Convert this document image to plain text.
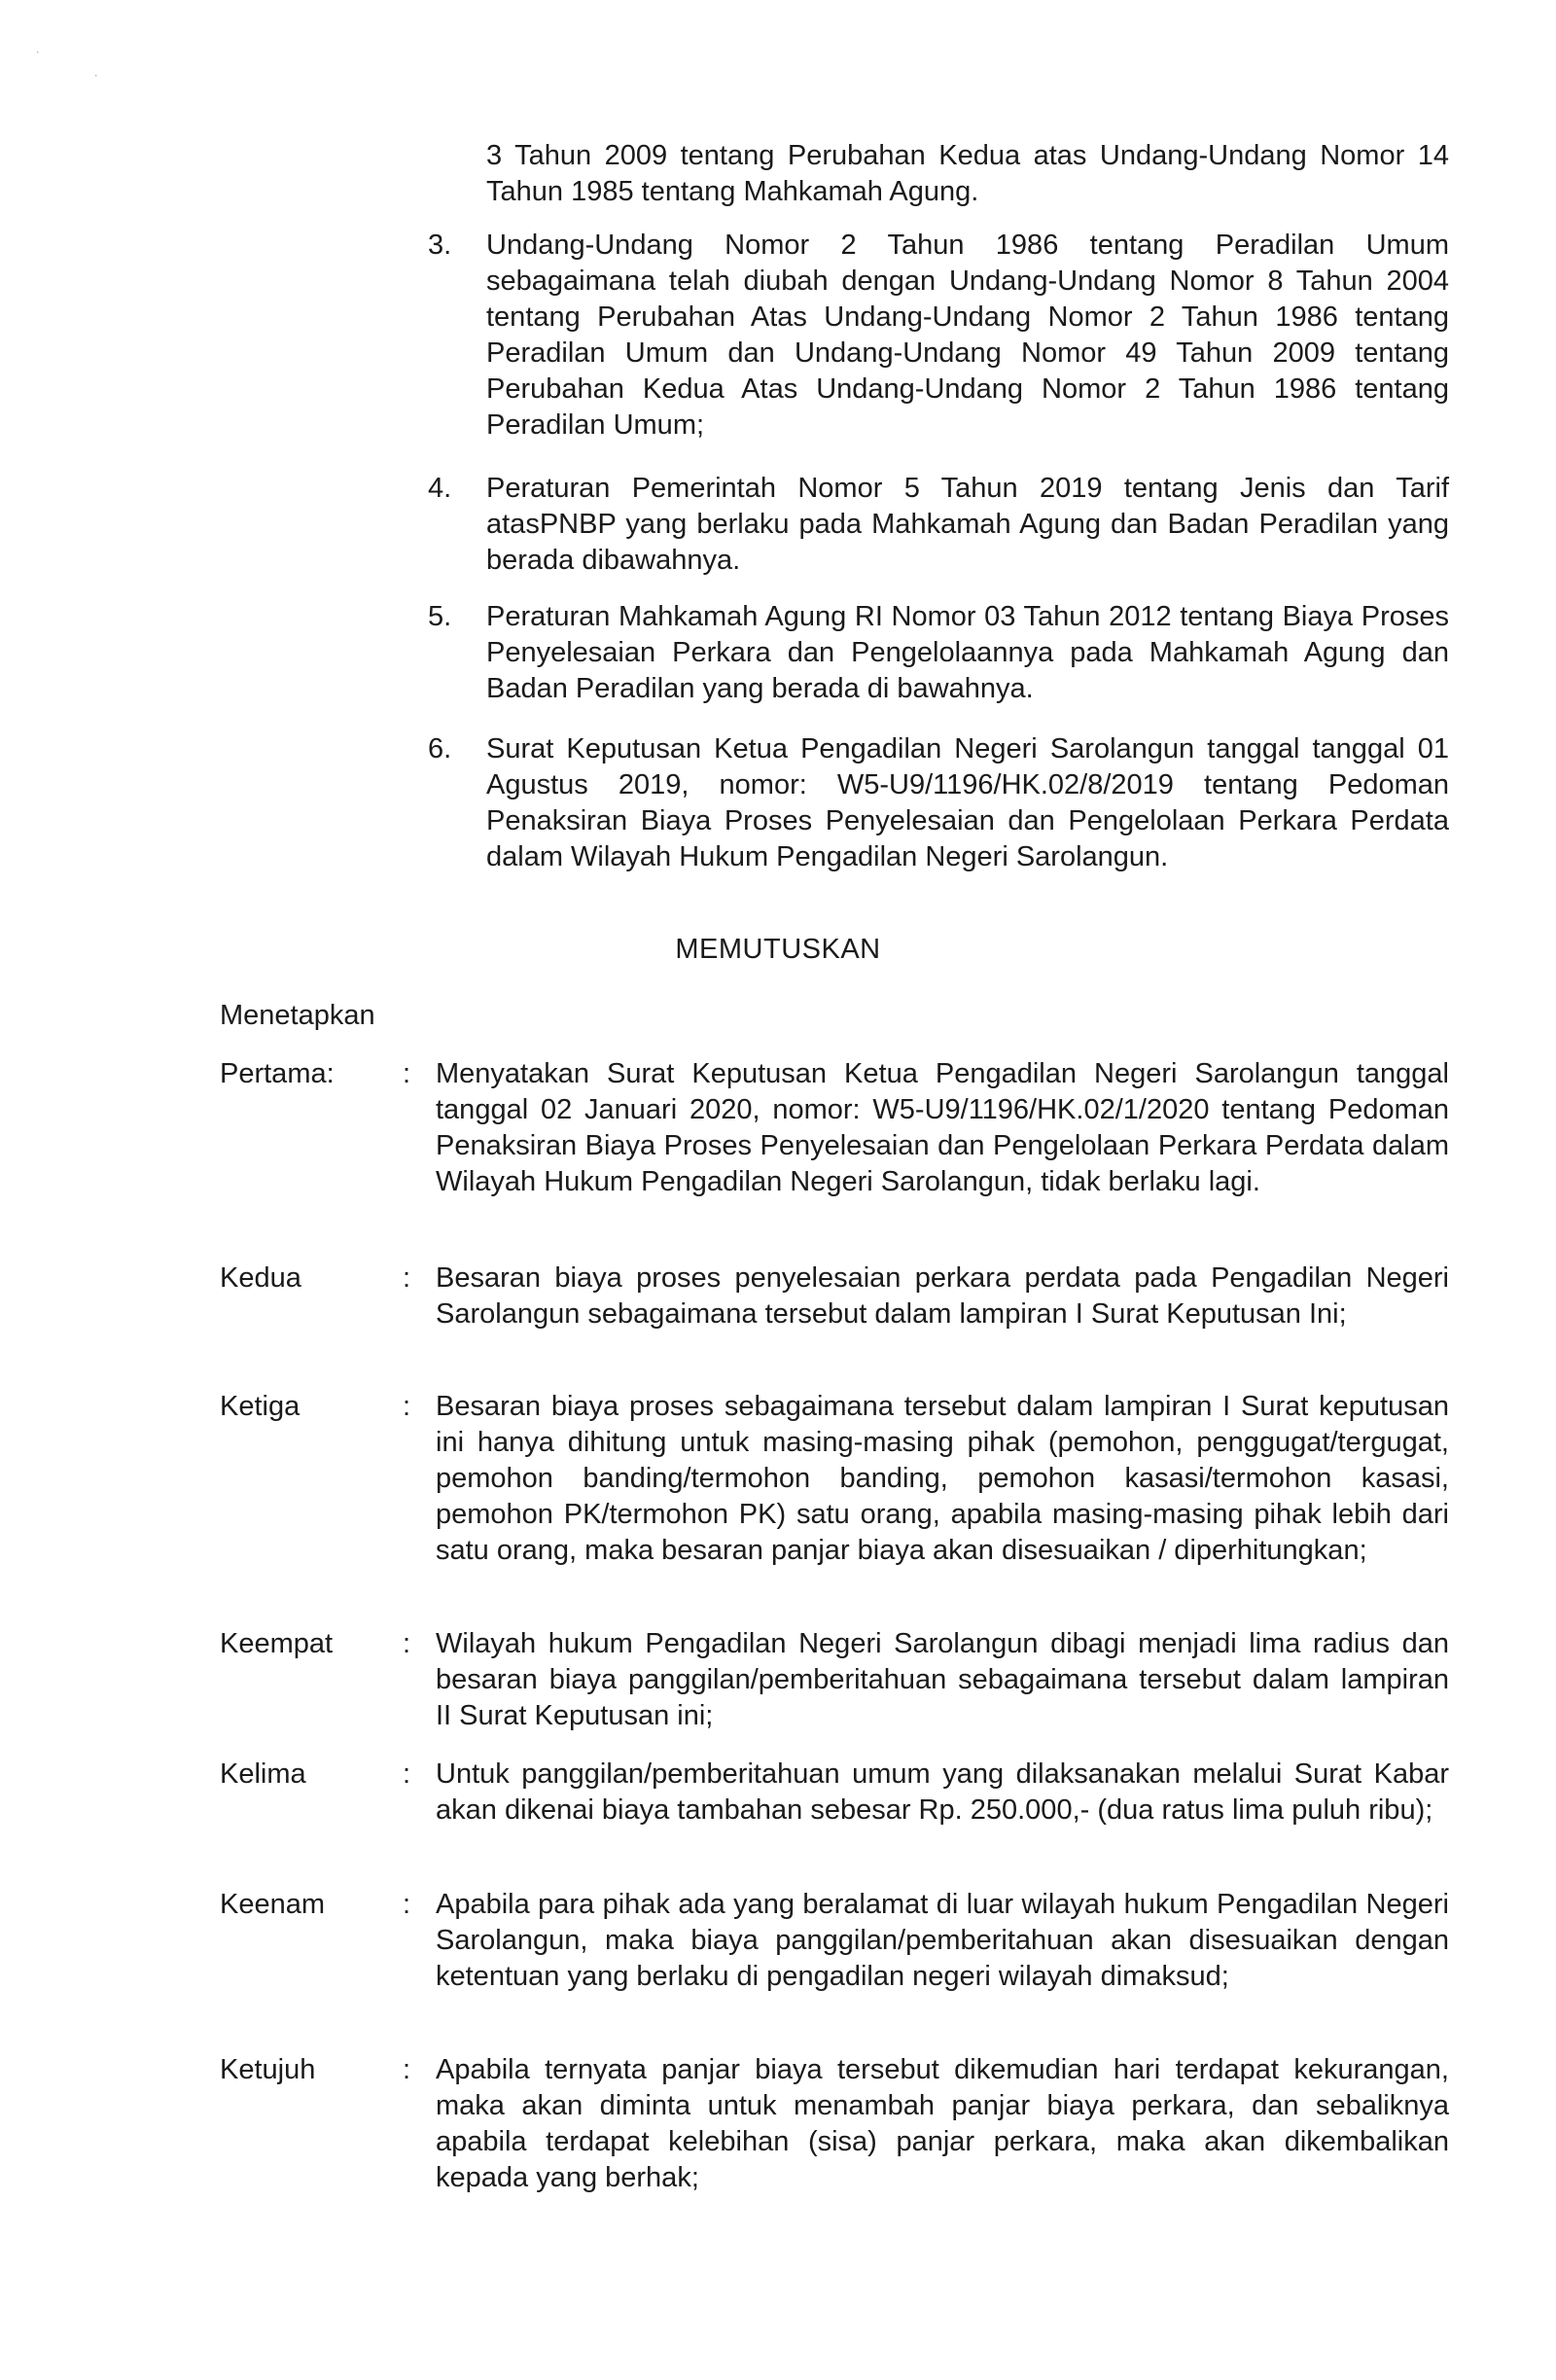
·
·
3 Tahun 2009 tentang Perubahan Kedua atas Undang-Undang Nomor 14 Tahun 1985 tentang Mahkamah Agung.
3.	Undang-Undang Nomor 2 Tahun 1986 tentang Peradilan Umum sebagaimana telah diubah dengan Undang-Undang Nomor 8 Tahun 2004 tentang Perubahan Atas Undang-Undang Nomor 2 Tahun 1986 tentang Peradilan Umum dan Undang-Undang Nomor 49 Tahun 2009 tentang Perubahan Kedua Atas Undang-Undang Nomor 2 Tahun 1986 tentang Peradilan Umum;
4.	Peraturan Pemerintah Nomor 5 Tahun 2019 tentang Jenis dan Tarif atasPNBP yang berlaku pada Mahkamah Agung dan Badan Peradilan yang berada dibawahnya.
5.	Peraturan Mahkamah Agung RI Nomor 03 Tahun 2012 tentang Biaya Proses Penyelesaian Perkara dan Pengelolaannya pada Mahkamah Agung dan Badan Peradilan yang berada di bawahnya.
6.	Surat Keputusan Ketua Pengadilan Negeri Sarolangun tanggal tanggal 01 Agustus 2019, nomor: W5-U9/1196/HK.02/8/2019 tentang Pedoman Penaksiran Biaya Proses Penyelesaian dan Pengelolaan Perkara Perdata dalam Wilayah Hukum Pengadilan Negeri Sarolangun.
MEMUTUSKAN
Menetapkan
Pertama:	: Menyatakan Surat Keputusan Ketua Pengadilan Negeri Sarolangun tanggal tanggal 02 Januari 2020, nomor: W5-U9/1196/HK.02/1/2020 tentang Pedoman Penaksiran Biaya Proses Penyelesaian dan Pengelolaan Perkara Perdata dalam Wilayah Hukum Pengadilan Negeri Sarolangun, tidak berlaku lagi.
Kedua	: Besaran biaya proses penyelesaian perkara perdata pada Pengadilan Negeri Sarolangun sebagaimana tersebut dalam lampiran I Surat Keputusan Ini;
Ketiga	: Besaran biaya proses sebagaimana tersebut dalam lampiran I Surat keputusan ini hanya dihitung untuk masing-masing pihak (pemohon, penggugat/tergugat, pemohon banding/termohon banding, pemohon kasasi/termohon kasasi, pemohon PK/termohon PK) satu orang, apabila masing-masing pihak lebih dari satu orang, maka besaran panjar biaya akan disesuaikan / diperhitungkan;
Keempat	: Wilayah hukum Pengadilan Negeri Sarolangun dibagi menjadi lima radius dan besaran biaya panggilan/pemberitahuan sebagaimana tersebut dalam lampiran II Surat Keputusan ini;
Kelima	: Untuk panggilan/pemberitahuan umum yang dilaksanakan melalui Surat Kabar akan dikenai biaya tambahan sebesar Rp. 250.000,- (dua ratus lima puluh ribu);
Keenam	: Apabila para pihak ada yang beralamat di luar wilayah hukum Pengadilan Negeri Sarolangun, maka biaya panggilan/pemberitahuan akan disesuaikan dengan ketentuan yang berlaku di pengadilan negeri wilayah dimaksud;
Ketujuh	: Apabila ternyata panjar biaya tersebut dikemudian hari terdapat kekurangan, maka akan diminta untuk menambah panjar biaya perkara, dan sebaliknya apabila terdapat kelebihan (sisa) panjar perkara, maka akan dikembalikan kepada yang berhak;
